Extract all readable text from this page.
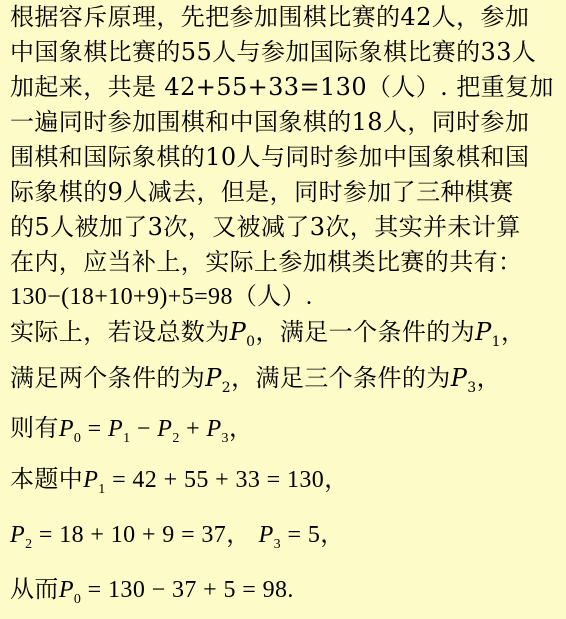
根据容斥原理，先把参加围棋比赛的42人，参加
中国象棋比赛的55人与参加国际象棋比赛的33人
加起来，共是 42+55+33=130（人）. 把重复加
一遍同时参加围棋和中国象棋的18人，同时参加
围棋和国际象棋的10人与同时参加中国象棋和国
际象棋的9人减去，但是，同时参加了三种棋赛
的5人被加了3次，又被减了3次，其实并未计算
在内，应当补上，实际上参加棋类比赛的共有：
130−(18+10+9)+5=98（人）.
实际上，若设总数为$P_0$，满足一个条件的为$P_1$，
满足两个条件的为$P_2$，满足三个条件的为$P_3$，
则有$P_0 = P_1 - P_2 + P_3$，
本题中$P_1 = 42 + 55 + 33 = 130$，
$P_2 = 18 + 10 + 9 = 37$， $P_3 = 5$，
从而$P_0 = 130 - 37 + 5 = 98$.
